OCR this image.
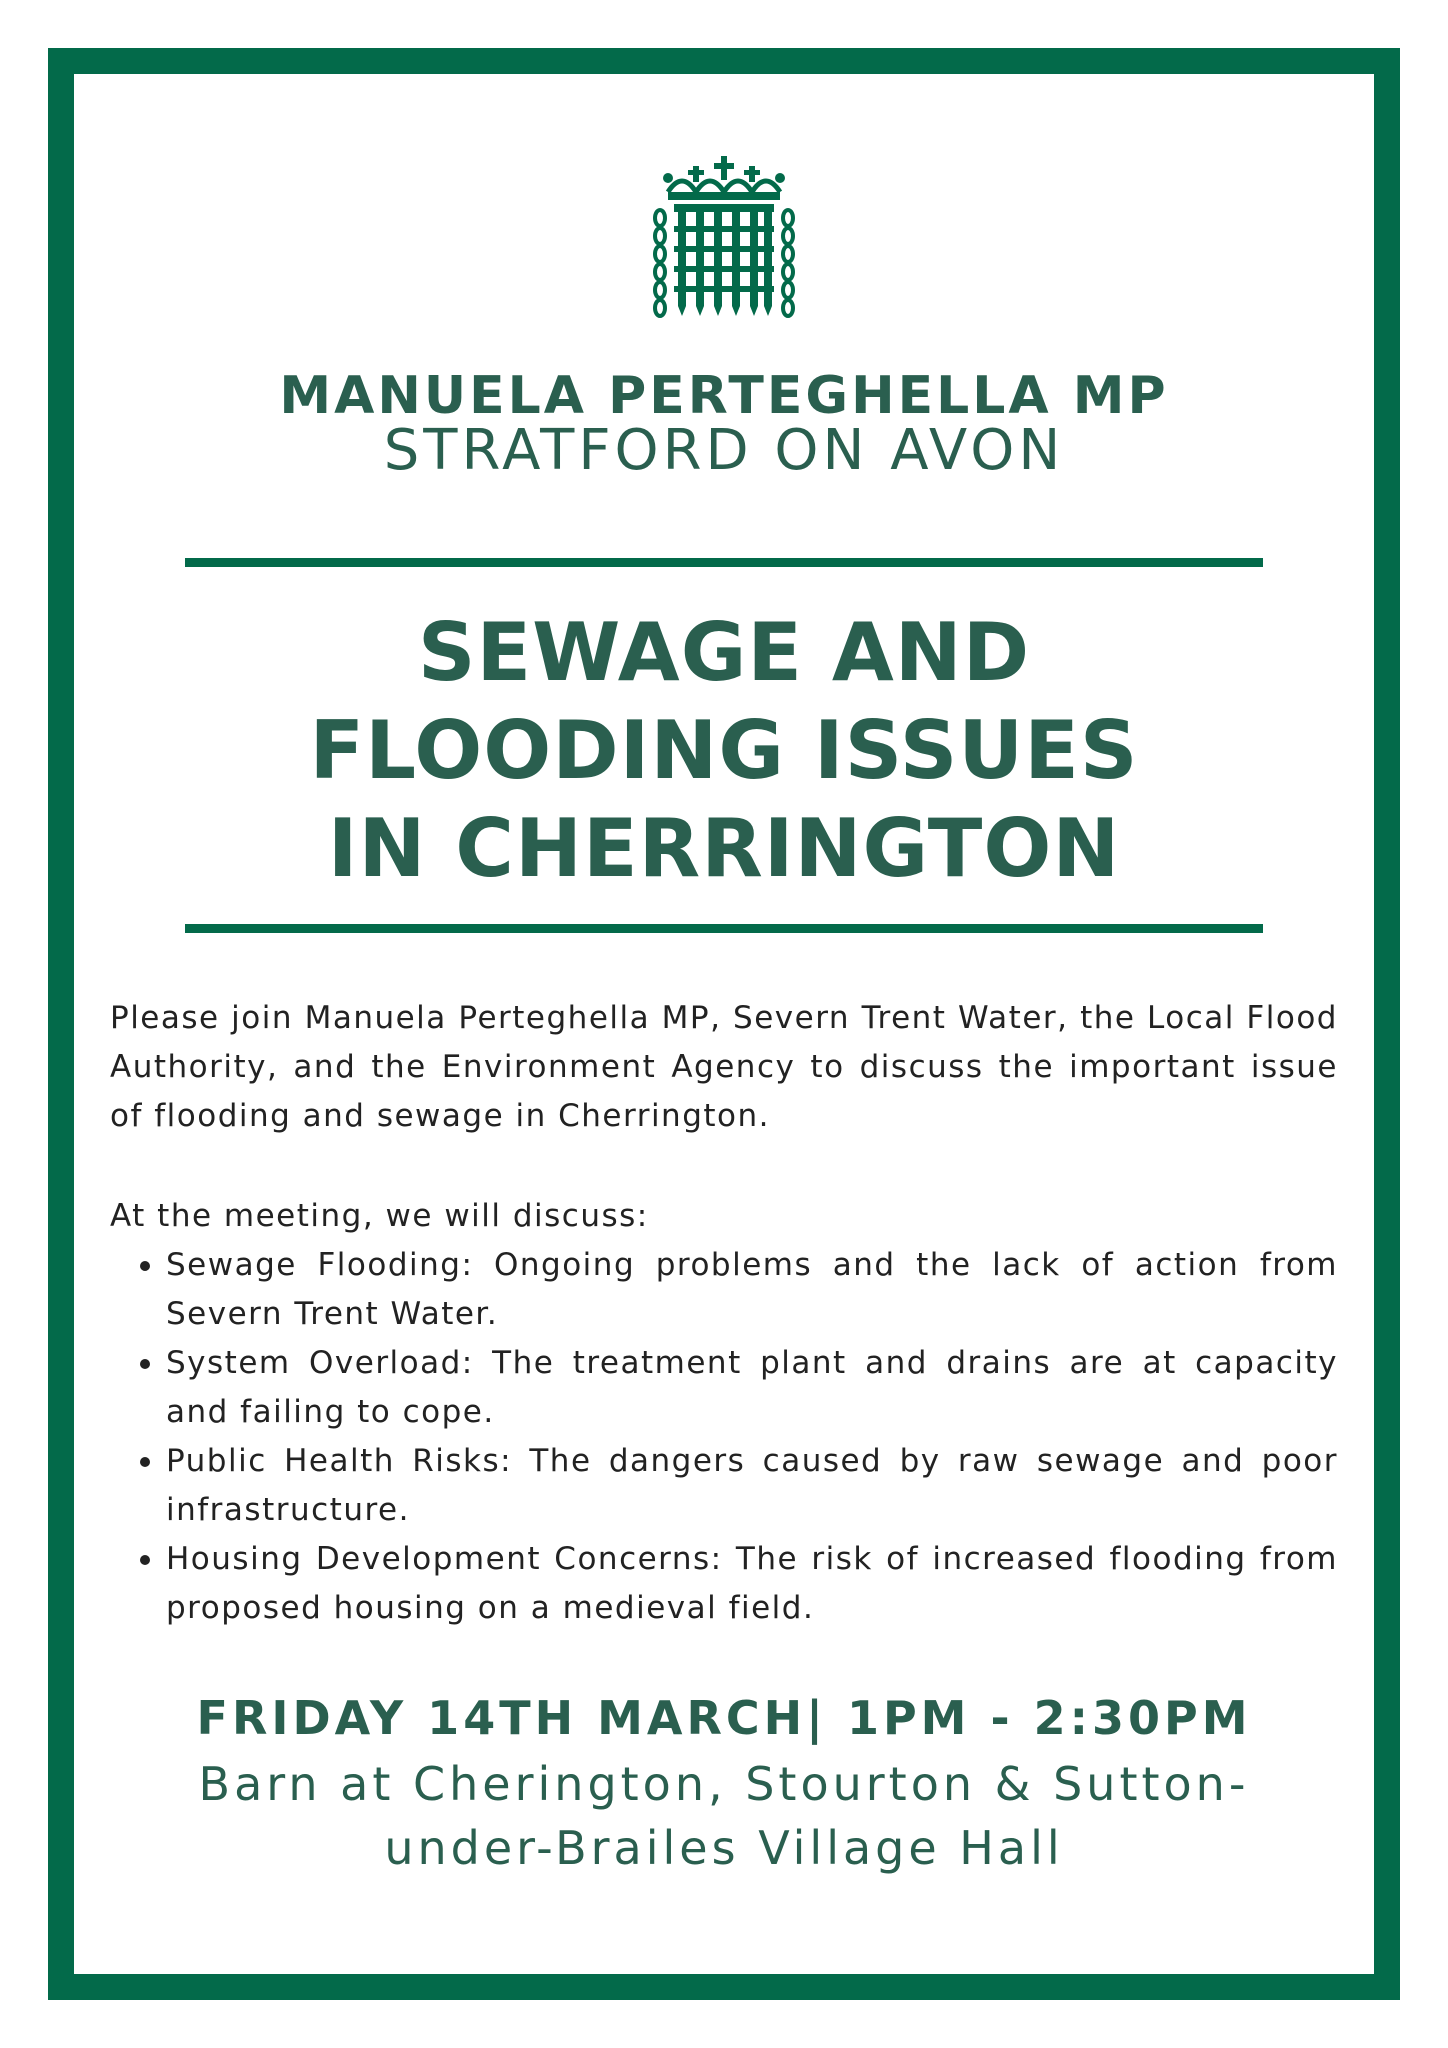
MANUELA PERTEGHELLA MP
STRATFORD ON AVON
SEWAGE AND
FLOODING ISSUES
IN CHERRINGTON

Please join Manuela Perteghella MP, Severn Trent Water, the Local Flood Authority, and the Environment Agency to discuss the important issue of flooding and sewage in Cherrington.

At the meeting, we will discuss:
Sewage Flooding: Ongoing problems and the lack of action from Severn Trent Water.
System Overload: The treatment plant and drains are at capacity and failing to cope.
Public Health Risks: The dangers caused by raw sewage and poor infrastructure.
Housing Development Concerns: The risk of increased flooding from proposed housing on a medieval field.
FRIDAY 14TH MARCH| 1PM - 2:30PM
Barn at Cherington, Stourton & Sutton-
under-Brailes Village Hall
